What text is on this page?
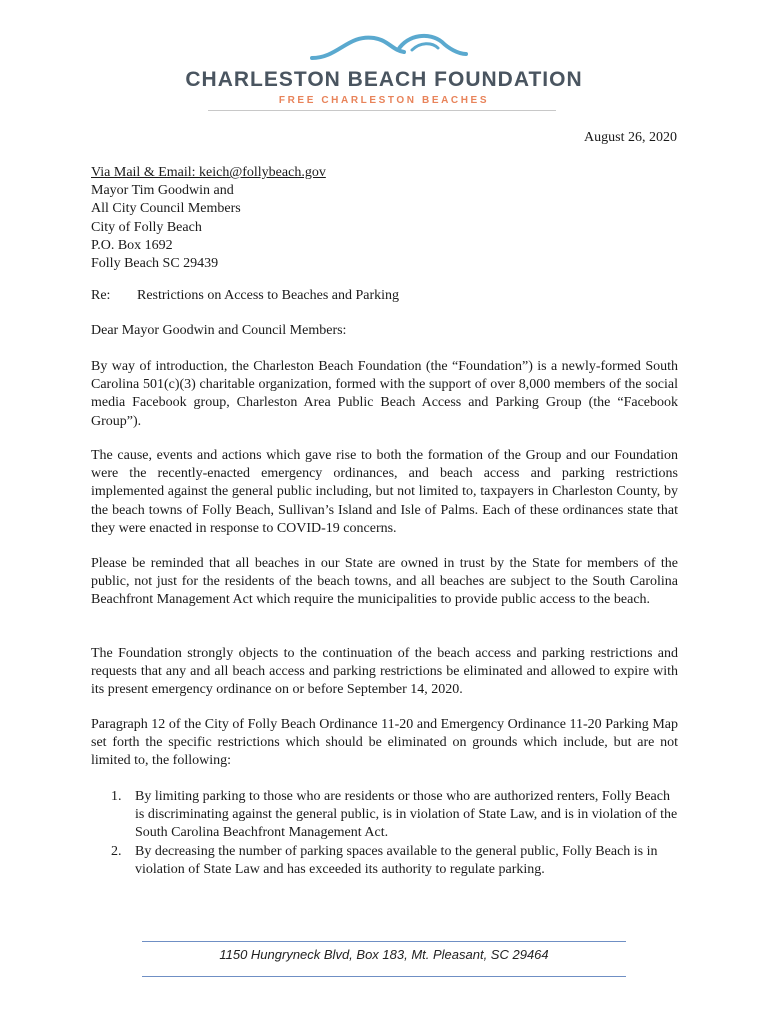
CHARLESTON BEACH FOUNDATION
FREE CHARLESTON BEACHES
August 26, 2020
Via Mail & Email: keich@follybeach.gov
Mayor Tim Goodwin and
All City Council Members
City of Folly Beach
P.O. Box 1692
Folly Beach SC 29439
Re: Restrictions on Access to Beaches and Parking
Dear Mayor Goodwin and Council Members:

By way of introduction, the Charleston Beach Foundation (the “Foundation”) is a newly-formed South Carolina 501(c)(3) charitable organization, formed with the support of over 8,000 members of the social media Facebook group, Charleston Area Public Beach Access and Parking Group (the “Facebook Group”).

The cause, events and actions which gave rise to both the formation of the Group and our Foundation were the recently-enacted emergency ordinances, and beach access and parking restrictions implemented against the general public including, but not limited to, taxpayers in Charleston County, by the beach towns of Folly Beach, Sullivan’s Island and Isle of Palms. Each of these ordinances state that they were enacted in response to COVID-19 concerns.

Please be reminded that all beaches in our State are owned in trust by the State for members of the public, not just for the residents of the beach towns, and all beaches are subject to the South Carolina Beachfront Management Act which require the municipalities to provide public access to the beach.

The Foundation strongly objects to the continuation of the beach access and parking restrictions and requests that any and all beach access and parking restrictions be eliminated and allowed to expire with its present emergency ordinance on or before September 14, 2020.

Paragraph 12 of the City of Folly Beach Ordinance 11-20 and Emergency Ordinance 11-20 Parking Map set forth the specific restrictions which should be eliminated on grounds which include, but are not limited to, the following:

1. By limiting parking to those who are residents or those who are authorized renters, Folly Beach is discriminating against the general public, is in violation of State Law, and is in violation of the South Carolina Beachfront Management Act.
2. By decreasing the number of parking spaces available to the general public, Folly Beach is in violation of State Law and has exceeded its authority to regulate parking.
1150 Hungryneck Blvd, Box 183, Mt. Pleasant, SC 29464
